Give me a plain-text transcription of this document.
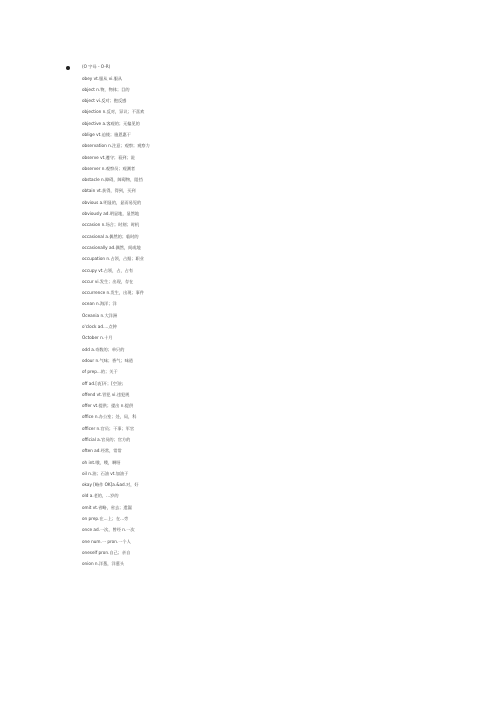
(O 字母 - O-R)
obey vt.服从 vi.服从
object n.物，物体；目的
object vi.反对；抱反感
objection n.反对，异议；不喜欢
objective a.客观的；无偏见的
oblige vt.迫使；施恩惠于
observation n.注意；观察；观察力
observe vt.遵守；看到；说
observer n.观察员；观测者
obstacle n.障碍，障碍物，阻挡
obtain vt.获得，得到，买到
obvious a.明显的，显而易见的
obviously ad.明显地，显然地
occasion n.场合；时刻；时机
occasional a.偶然的；临时的
occasionally ad.偶然，间或地
occupation n.占领，占据；职业
occupy vt.占领，占，占有
occur vi.发生；出现，存在
occurrence n.发生，出现；事件
ocean n.海洋；洋
Oceania n.大洋洲
o'clock ad....点钟
October n.十月
odd a.奇数的；单只的
odour n.气味；香气；味道
of prep...的；关于
off ad.[表]开；[空]出
offend vt.冒犯 vi.违犯规
offer vt.提供；提出 n.提供
office n.办公室；处，局，科
officer n.官员；干事；军官
official a.官员的；官方的
often ad.经常，常常
oh int.哦，噢，啊呀
oil n.油；石油 vt.加油于
okay [略作 OK]a.&ad.对，好
old a.老的，...岁的
omit vt.省略，省去；遗漏
on prep.在...上；在...旁
once ad.一次，曾经 n.一次
one num.一 pron.一个人
oneself pron.自己；亲自
onion n.洋葱，洋葱头
